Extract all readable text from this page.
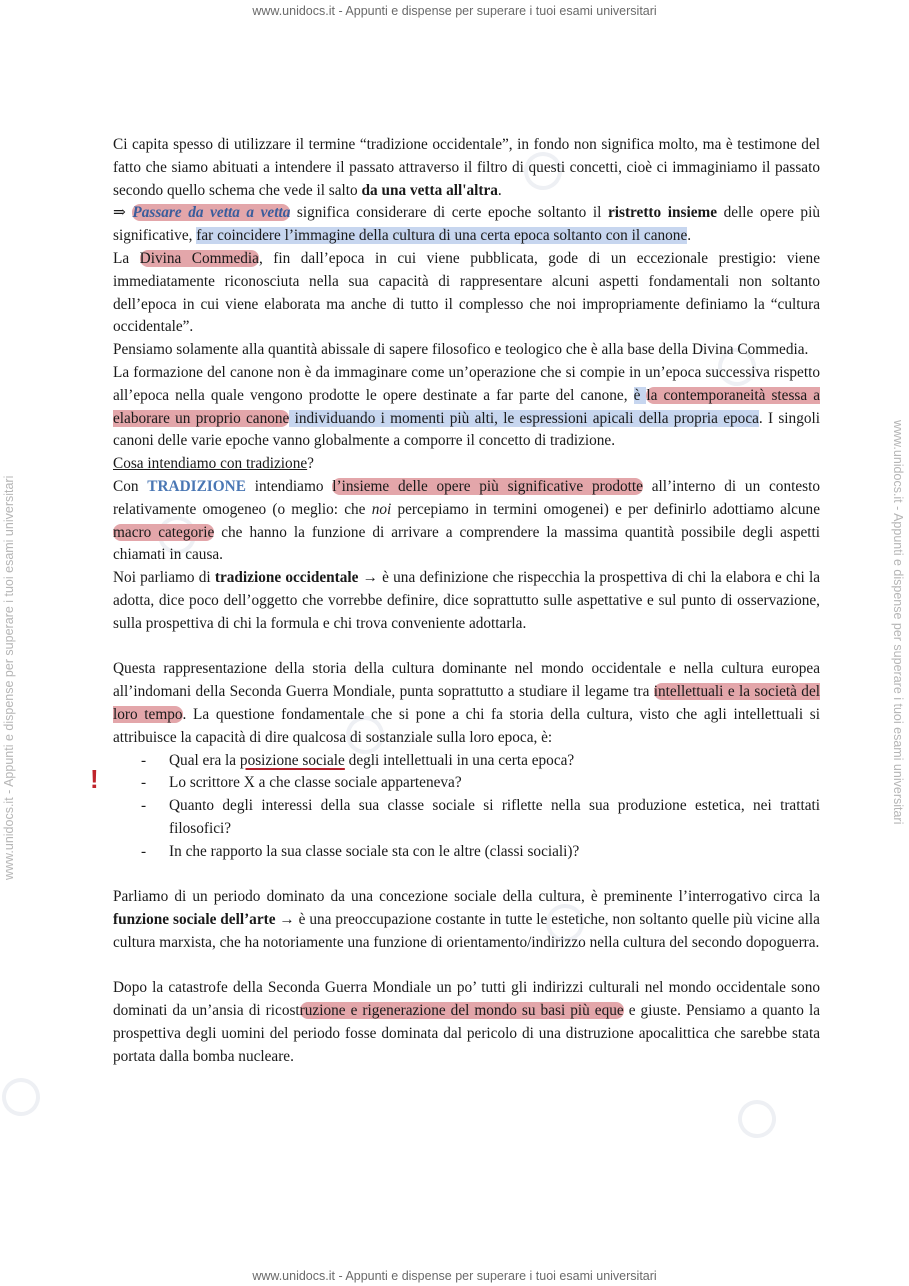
www.unidocs.it - Appunti e dispense per superare i tuoi esami universitari
www.unidocs.it - Appunti e dispense per superare i tuoi esami universitari
www.unidocs.it - Appunti e dispense per superare i tuoi esami universitari	www.unidocs.it - Appunti e dispense per superare i tuoi esami universitari
!

Ci capita spesso di utilizzare il termine “tradizione occidentale”, in fondo non significa molto, ma è testimone del fatto che siamo abituati a intendere il passato attraverso il filtro di questi concetti, cioè ci immaginiamo il passato secondo quello schema che vede il salto da una vetta all'altra.

⇒ Passare da vetta a vetta significa considerare di certe epoche soltanto il ristretto insieme delle opere più significative, far coincidere l’immagine della cultura di una certa epoca soltanto con il canone.

La Divina Commedia, fin dall’epoca in cui viene pubblicata, gode di un eccezionale prestigio: viene immediatamente riconosciuta nella sua capacità di rappresentare alcuni aspetti fondamentali non soltanto dell’epoca in cui viene elaborata ma anche di tutto il complesso che noi impropriamente definiamo la “cultura occidentale”.

Pensiamo solamente alla quantità abissale di sapere filosofico e teologico che è alla base della Divina Commedia.

La formazione del canone non è da immaginare come un’operazione che si compie in un’epoca successiva rispetto all’epoca nella quale vengono prodotte le opere destinate a far parte del canone, è la contemporaneità stessa a elaborare un proprio canone individuando i momenti più alti, le espressioni apicali della propria epoca. I singoli canoni delle varie epoche vanno globalmente a comporre il concetto di tradizione.

Cosa intendiamo con tradizione?

Con TRADIZIONE intendiamo l’insieme delle opere più significative prodotte all’interno di un contesto relativamente omogeneo (o meglio: che noi percepiamo in termini omogenei) e per definirlo adottiamo alcune macro categorie che hanno la funzione di arrivare a comprendere la massima quantità possibile degli aspetti chiamati in causa.

Noi parliamo di tradizione occidentale → è una definizione che rispecchia la prospettiva di chi la elabora e chi la adotta, dice poco dell’oggetto che vorrebbe definire, dice soprattutto sulle aspettative e sul punto di osservazione, sulla prospettiva di chi la formula e chi trova conveniente adottarla.

Questa rappresentazione della storia della cultura dominante nel mondo occidentale e nella cultura europea all’indomani della Seconda Guerra Mondiale, punta soprattutto a studiare il legame tra intellettuali e la società del loro tempo. La questione fondamentale che si pone a chi fa storia della cultura, visto che agli intellettuali si attribuisce la capacità di dire qualcosa di sostanziale sulla loro epoca, è:

- Qual era la posizione sociale degli intellettuali in una certa epoca?
- Lo scrittore X a che classe sociale apparteneva?
- Quanto degli interessi della sua classe sociale si riflette nella sua produzione estetica, nei trattati filosofici?
- In che rapporto la sua classe sociale sta con le altre (classi sociali)?

Parliamo di un periodo dominato da una concezione sociale della cultura, è preminente l’interrogativo circa la funzione sociale dell’arte → è una preoccupazione costante in tutte le estetiche, non soltanto quelle più vicine alla cultura marxista, che ha notoriamente una funzione di orientamento/indirizzo nella cultura del secondo dopoguerra.

Dopo la catastrofe della Seconda Guerra Mondiale un po’ tutti gli indirizzi culturali nel mondo occidentale sono dominati da un’ansia di ricostruzione e rigenerazione del mondo su basi più eque e giuste. Pensiamo a quanto la prospettiva degli uomini del periodo fosse dominata dal pericolo di una distruzione apocalittica che sarebbe stata portata dalla bomba nucleare.
